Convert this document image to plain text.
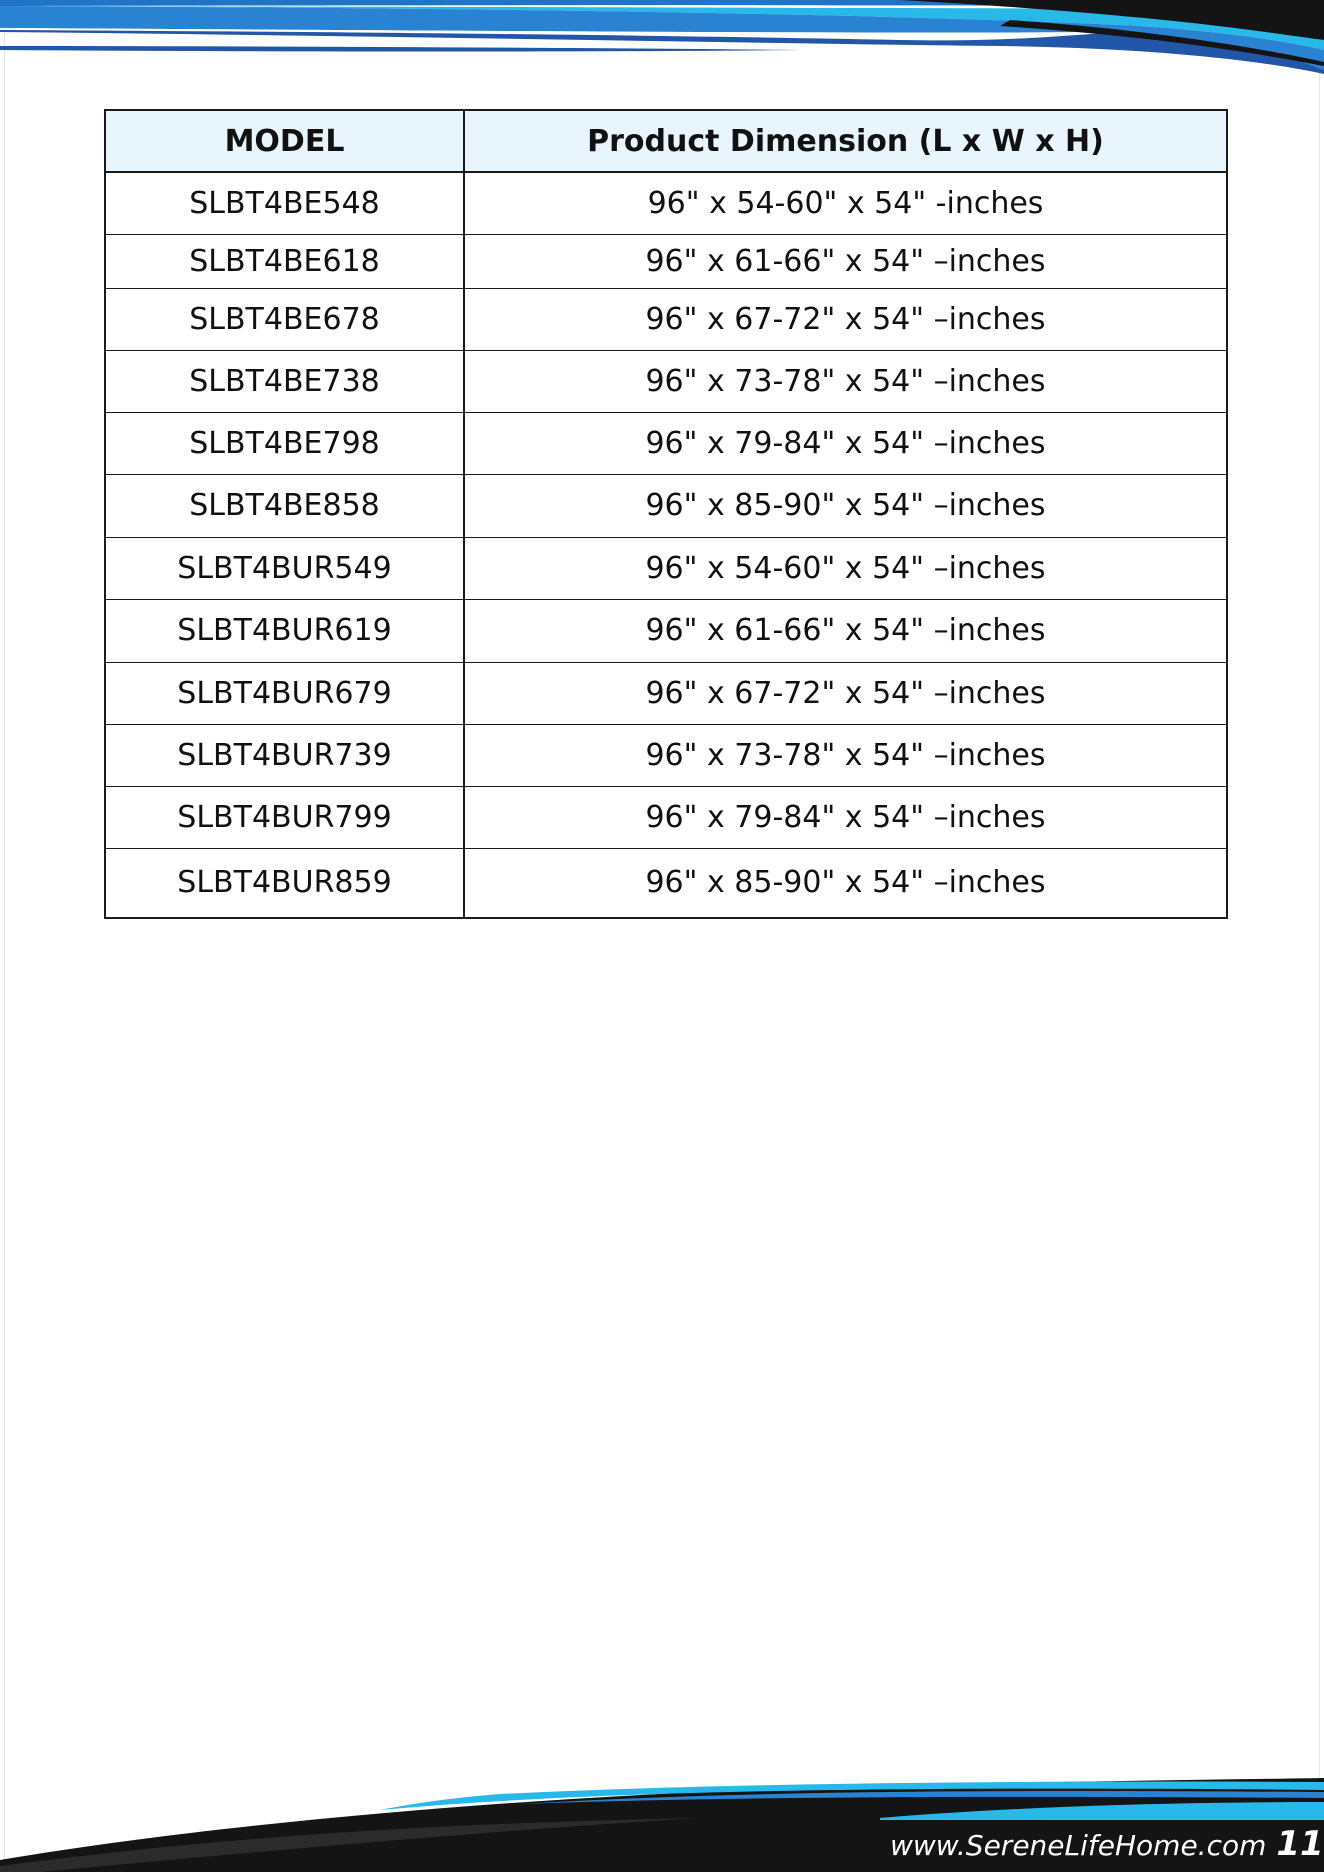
MODEL	Product Dimension (L x W x H)
SLBT4BE548	96" x 54-60" x 54" -inches
SLBT4BE618	96" x 61-66" x 54" –inches
SLBT4BE678	96" x 67-72" x 54" –inches
SLBT4BE738	96" x 73-78" x 54" –inches
SLBT4BE798	96" x 79-84" x 54" –inches
SLBT4BE858	96" x 85-90" x 54" –inches
SLBT4BUR549	96" x 54-60" x 54" –inches
SLBT4BUR619	96" x 61-66" x 54" –inches
SLBT4BUR679	96" x 67-72" x 54" –inches
SLBT4BUR739	96" x 73-78" x 54" –inches
SLBT4BUR799	96" x 79-84" x 54" –inches
SLBT4BUR859	96" x 85-90" x 54" –inches
www.SereneLifeHome.com 11
